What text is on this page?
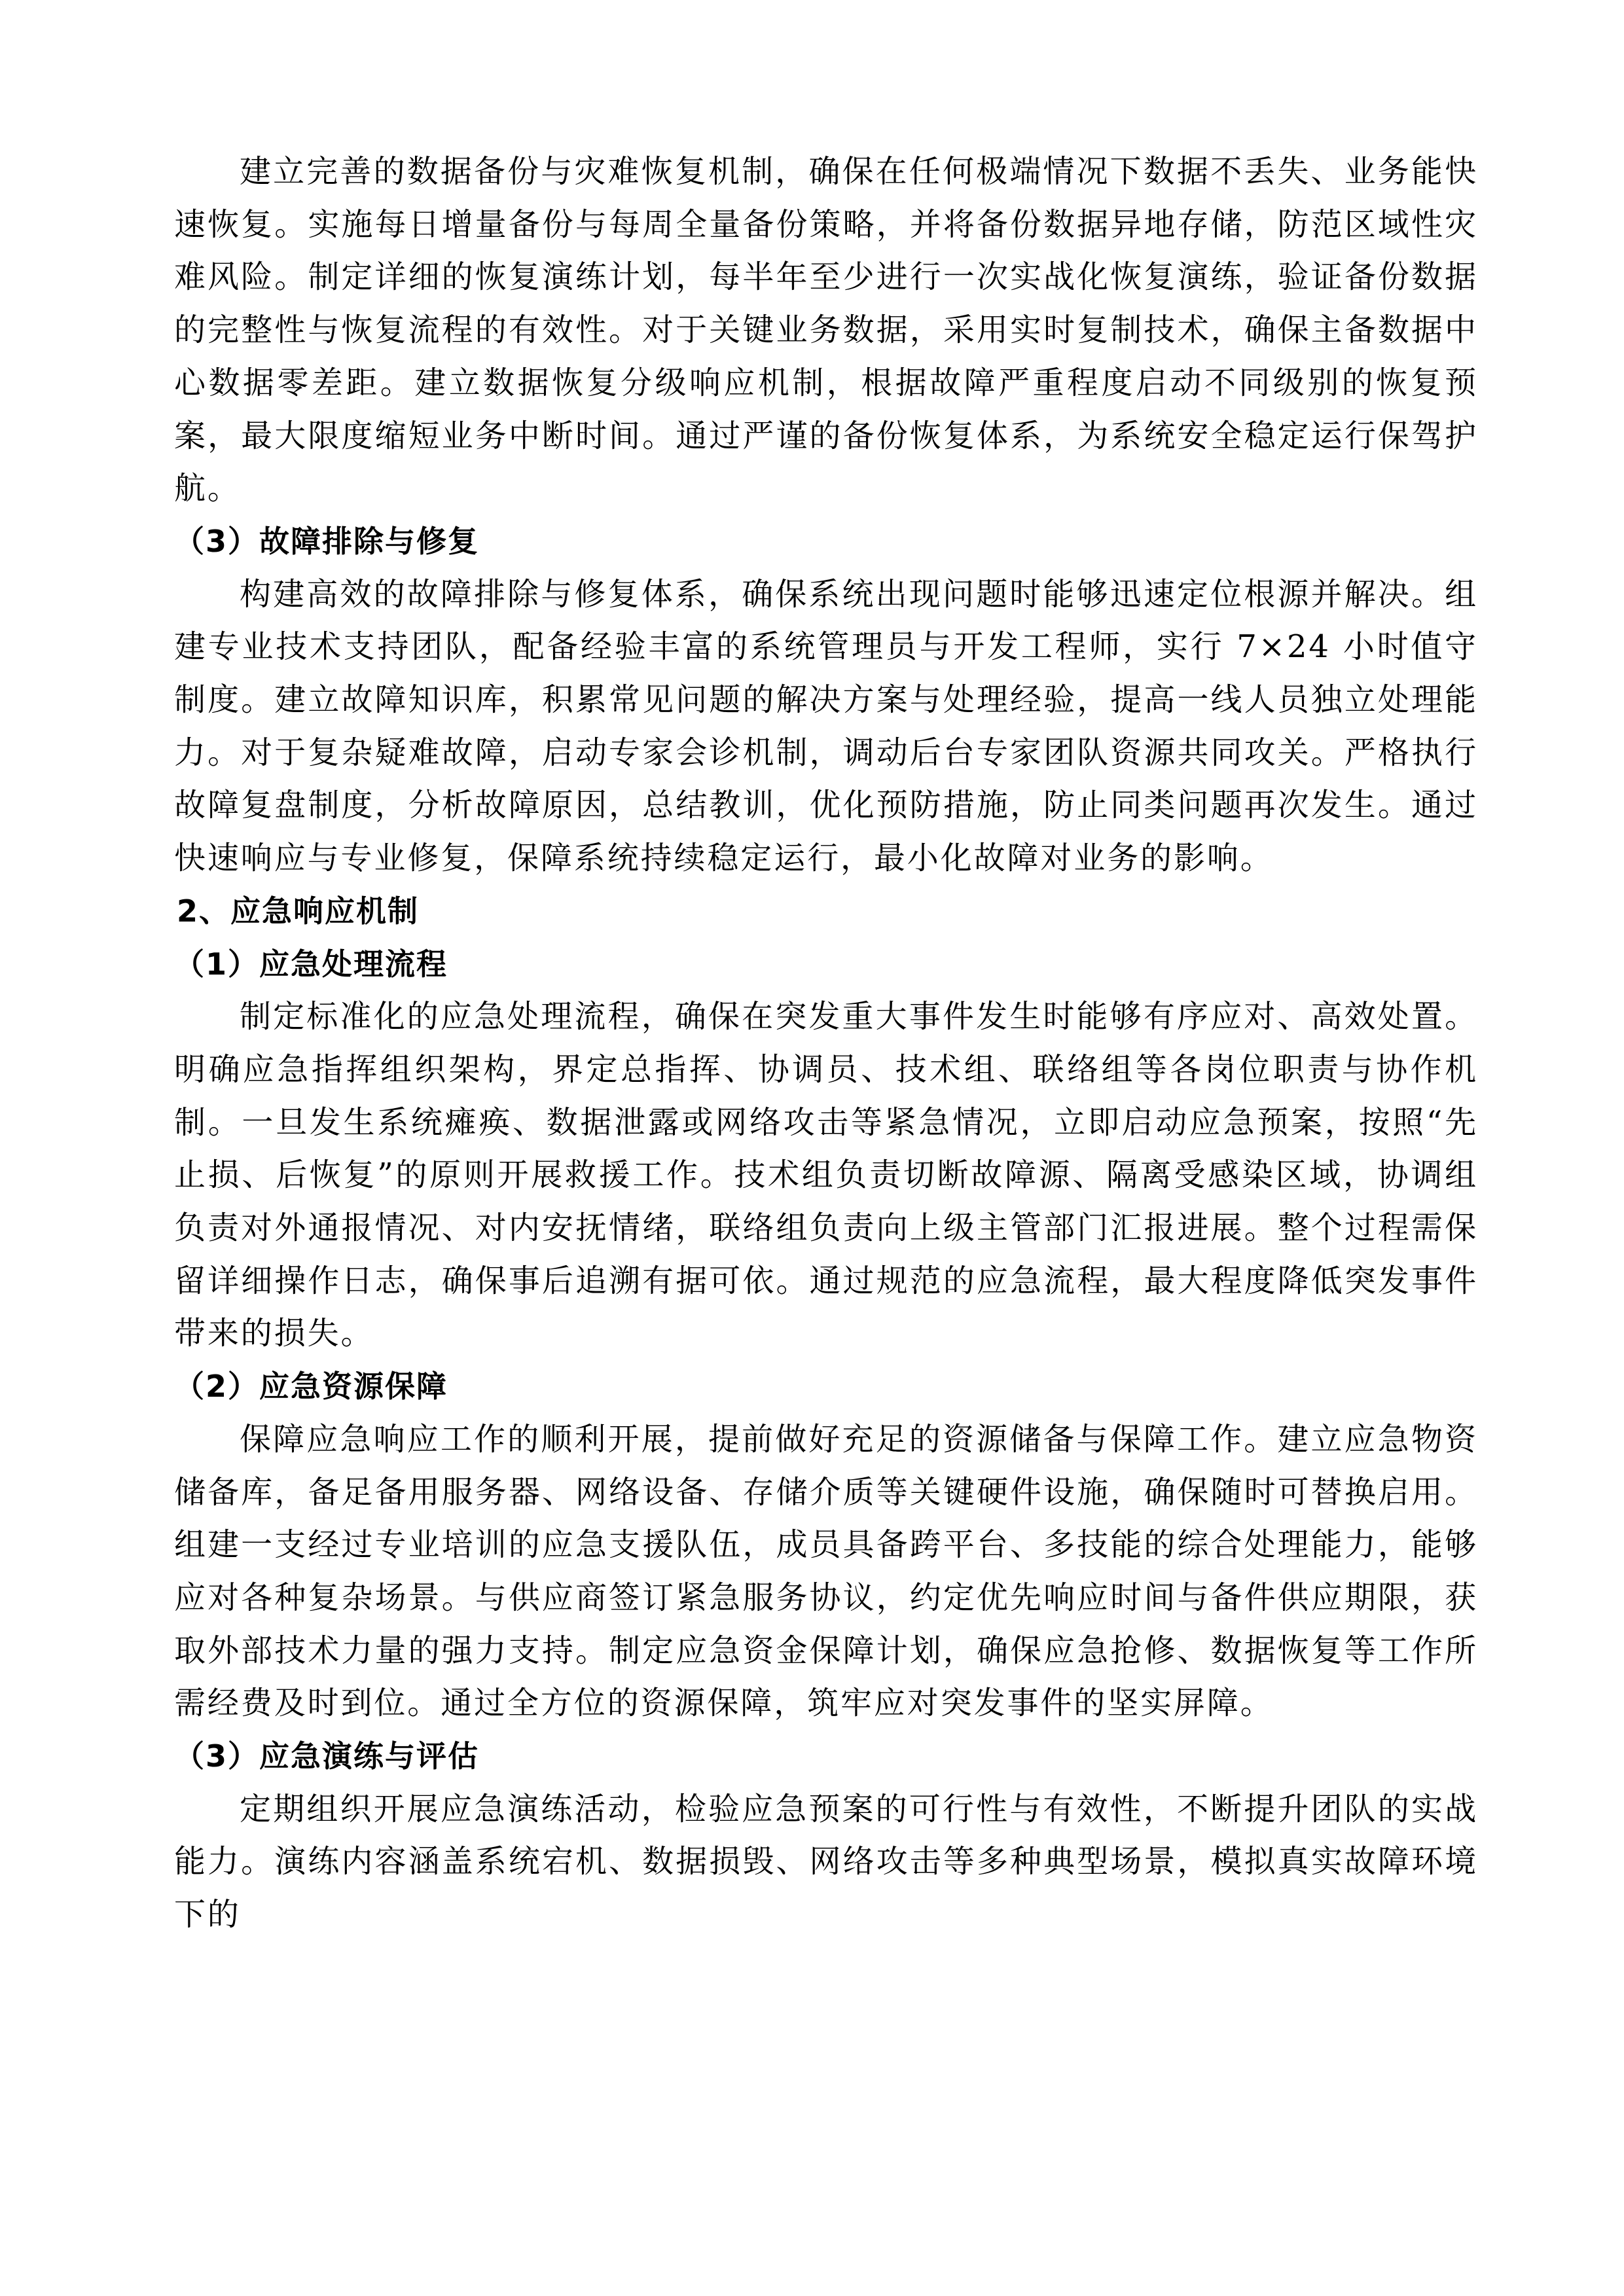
建立完善的数据备份与灾难恢复机制，确保在任何极端情况下数据不丢失、业务能快速恢复。实施每日增量备份与每周全量备份策略，并将备份数据异地存储，防范区域性灾难风险。制定详细的恢复演练计划，每半年至少进行一次实战化恢复演练，验证备份数据的完整性与恢复流程的有效性。对于关键业务数据，采用实时复制技术，确保主备数据中心数据零差距。建立数据恢复分级响应机制，根据故障严重程度启动不同级别的恢复预案，最大限度缩短业务中断时间。通过严谨的备份恢复体系，为系统安全稳定运行保驾护航。

（3）故障排除与修复

构建高效的故障排除与修复体系，确保系统出现问题时能够迅速定位根源并解决。组建专业技术支持团队，配备经验丰富的系统管理员与开发工程师，实行 7×24 小时值守制度。建立故障知识库，积累常见问题的解决方案与处理经验，提高一线人员独立处理能力。对于复杂疑难故障，启动专家会诊机制，调动后台专家团队资源共同攻关。严格执行故障复盘制度，分析故障原因，总结教训，优化预防措施，防止同类问题再次发生。通过快速响应与专业修复，保障系统持续稳定运行，最小化故障对业务的影响。

2、应急响应机制
（1）应急处理流程

制定标准化的应急处理流程，确保在突发重大事件发生时能够有序应对、高效处置。明确应急指挥组织架构，界定总指挥、协调员、技术组、联络组等各岗位职责与协作机制。一旦发生系统瘫痪、数据泄露或网络攻击等紧急情况，立即启动应急预案，按照“先止损、后恢复”的原则开展救援工作。技术组负责切断故障源、隔离受感染区域，协调组负责对外通报情况、对内安抚情绪，联络组负责向上级主管部门汇报进展。整个过程需保留详细操作日志，确保事后追溯有据可依。通过规范的应急流程，最大程度降低突发事件带来的损失。

（2）应急资源保障

保障应急响应工作的顺利开展，提前做好充足的资源储备与保障工作。建立应急物资储备库，备足备用服务器、网络设备、存储介质等关键硬件设施，确保随时可替换启用。组建一支经过专业培训的应急支援队伍，成员具备跨平台、多技能的综合处理能力，能够应对各种复杂场景。与供应商签订紧急服务协议，约定优先响应时间与备件供应期限，获取外部技术力量的强力支持。制定应急资金保障计划，确保应急抢修、数据恢复等工作所需经费及时到位。通过全方位的资源保障，筑牢应对突发事件的坚实屏障。

（3）应急演练与评估

定期组织开展应急演练活动，检验应急预案的可行性与有效性，不断提升团队的实战能力。演练内容涵盖系统宕机、数据损毁、网络攻击等多种典型场景，模拟真实故障环境下的
